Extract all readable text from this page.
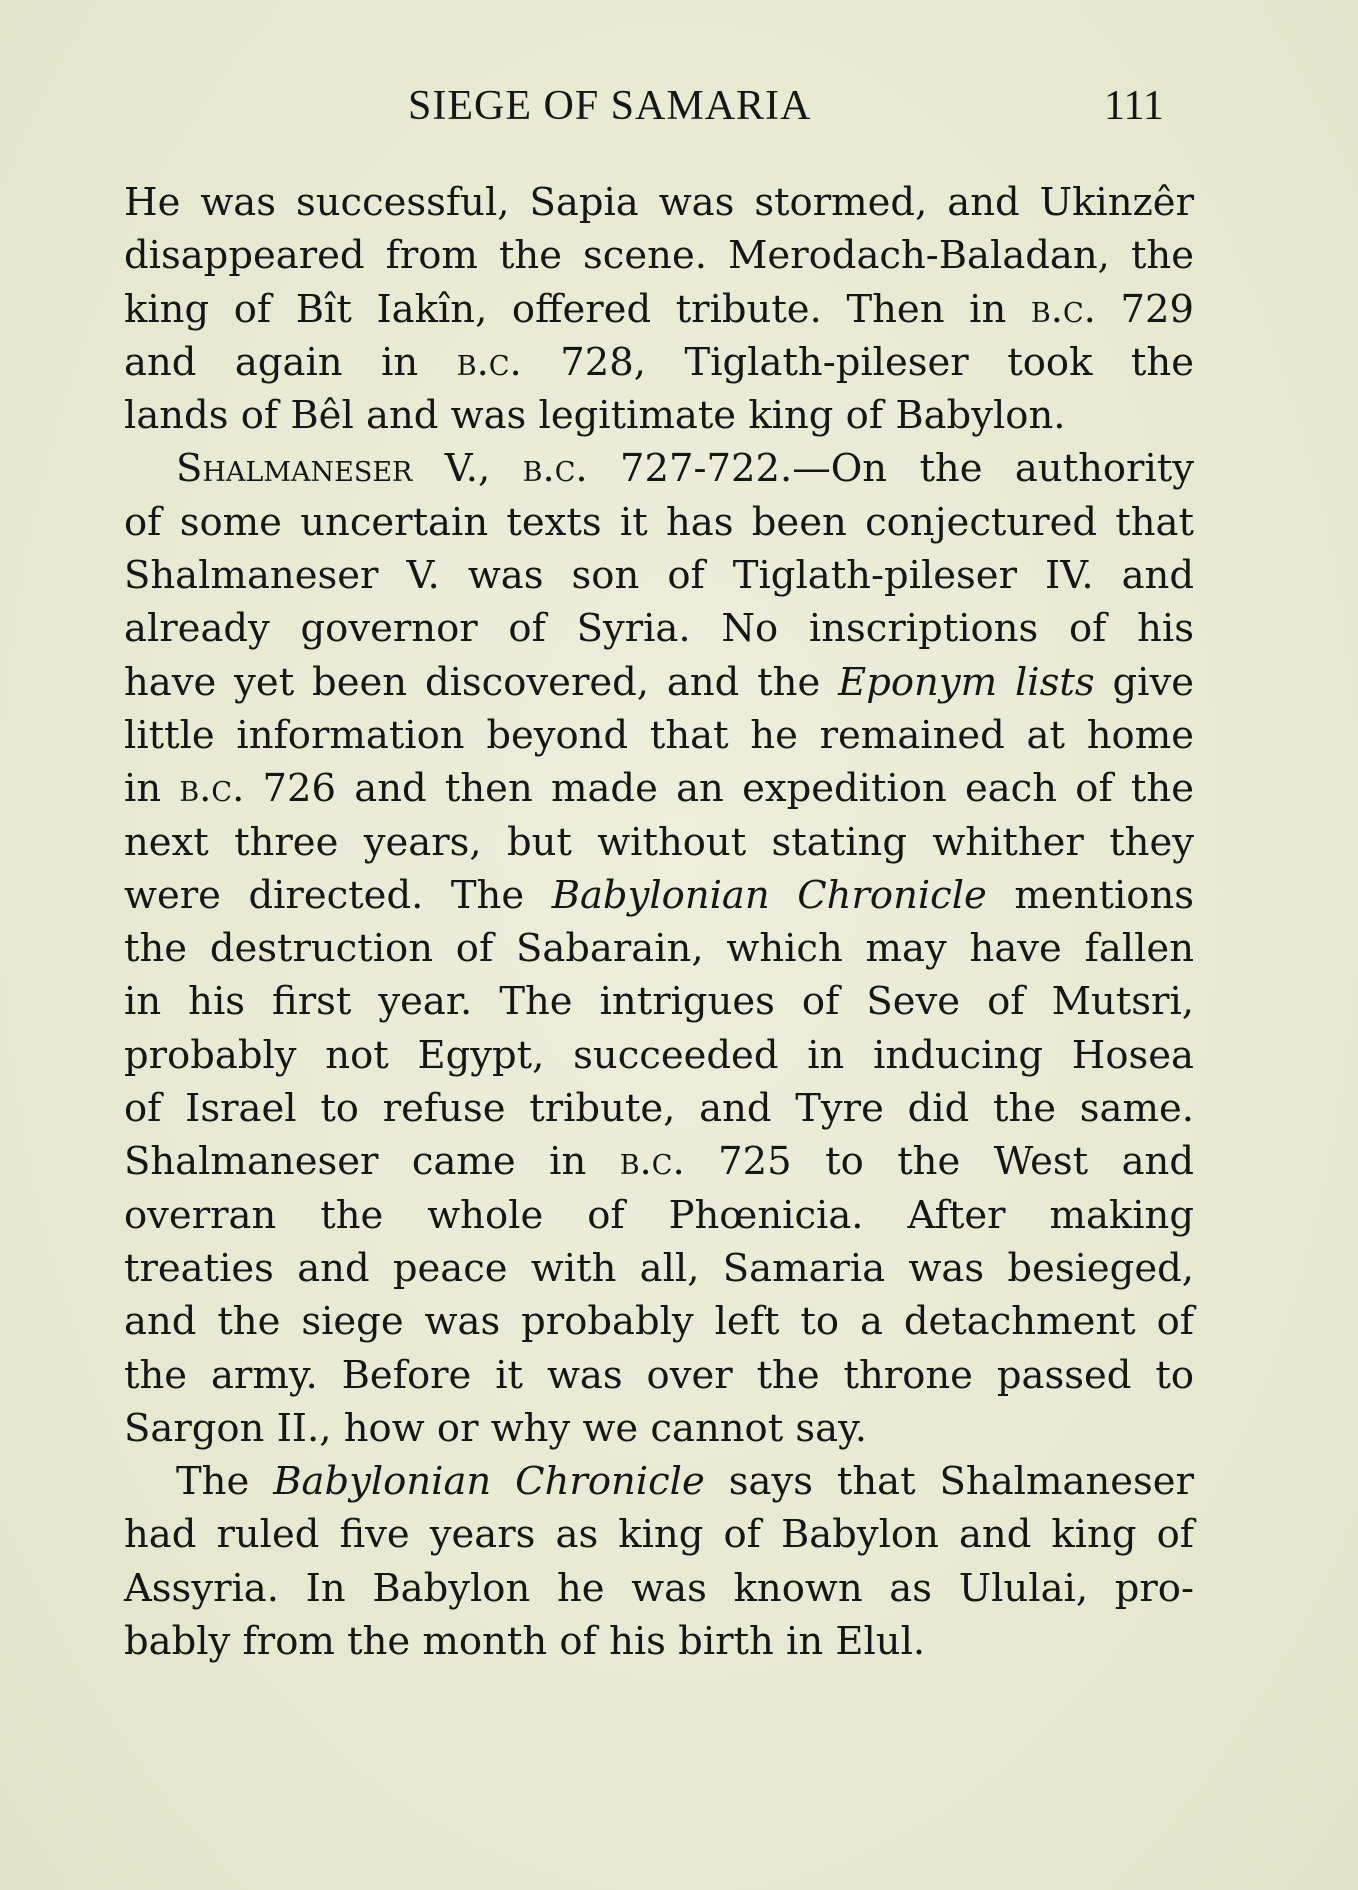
SIEGE OF SAMARIA	111
He was successful, Sapia was stormed, and Ukinzêr
disappeared from the scene. Merodach-Baladan, the
king of Bît Iakîn, offered tribute. Then in b.c. 729
and again in b.c. 728, Tiglath-pileser took the
lands of Bêl and was legitimate king of Babylon.
Shalmaneser V., b.c. 727-722.—On the authority
of some uncertain texts it has been conjectured that
Shalmaneser V. was son of Tiglath-pileser IV. and
already governor of Syria. No inscriptions of his
have yet been discovered, and the Eponym lists give
little information beyond that he remained at home
in b.c. 726 and then made an expedition each of the
next three years, but without stating whither they
were directed. The Babylonian Chronicle mentions
the destruction of Sabarain, which may have fallen
in his first year. The intrigues of Seve of Mutsri,
probably not Egypt, succeeded in inducing Hosea
of Israel to refuse tribute, and Tyre did the same.
Shalmaneser came in b.c. 725 to the West and
overran the whole of Phœnicia. After making
treaties and peace with all, Samaria was besieged,
and the siege was probably left to a detachment of
the army. Before it was over the throne passed to
Sargon II., how or why we cannot say.
The Babylonian Chronicle says that Shalmaneser
had ruled five years as king of Babylon and king of
Assyria. In Babylon he was known as Ululai, pro-
bably from the month of his birth in Elul.
